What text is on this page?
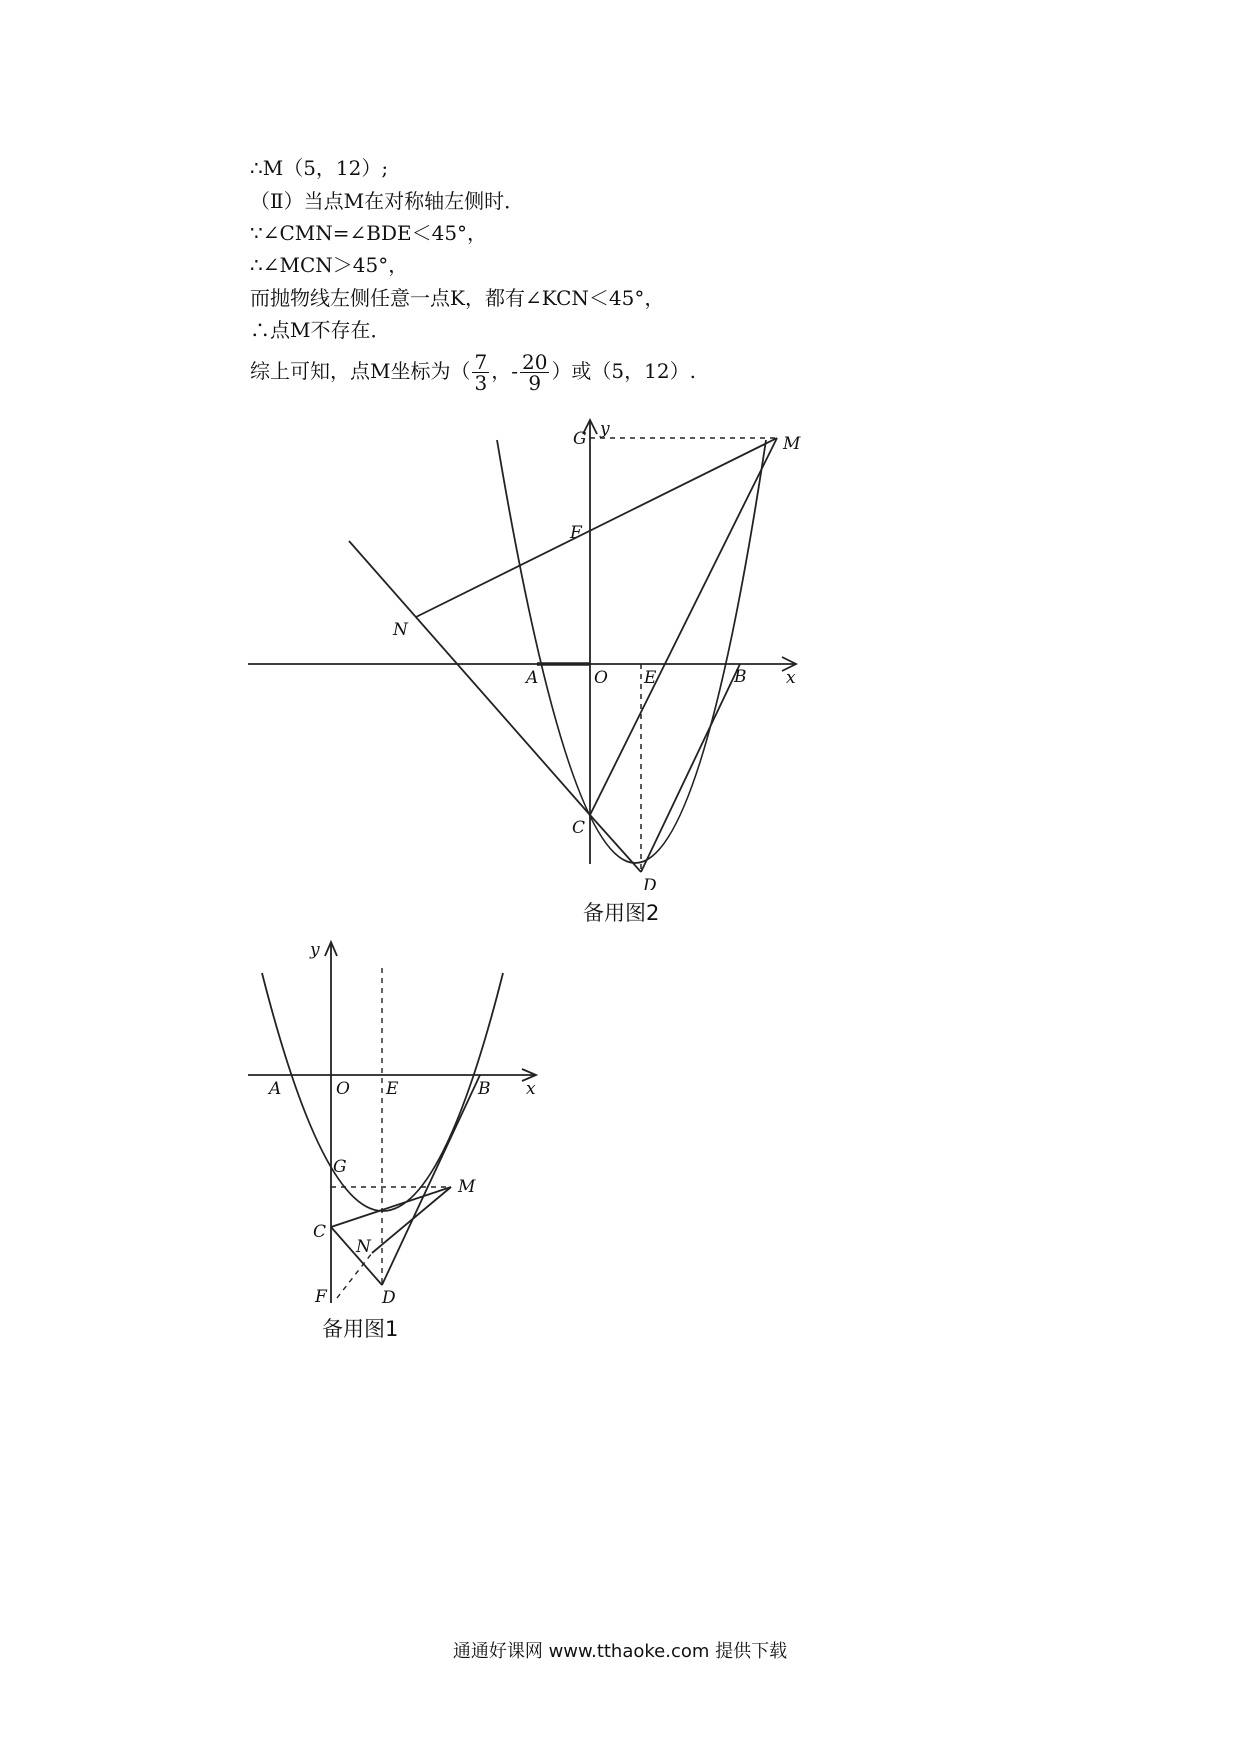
∴M（5，12）;
（Ⅱ）当点M在对称轴左侧时．
∵∠CMN=∠BDE＜45°，
∴∠MCN＞45°，
而抛物线左侧任意一点K，都有∠KCN＜45°，
∴点M不存在．
综上可知，点M坐标为（ $\frac{7}{3}$ ，- $\frac{20}{9}$ ）或（5，12）.
G y
M
F
N
A	O E	B x
C
D
备用图2
y
A	O E	B x
G
M
C
N
F	D
备用图1
通通好课网 www.tthaoke.com 提供下载
